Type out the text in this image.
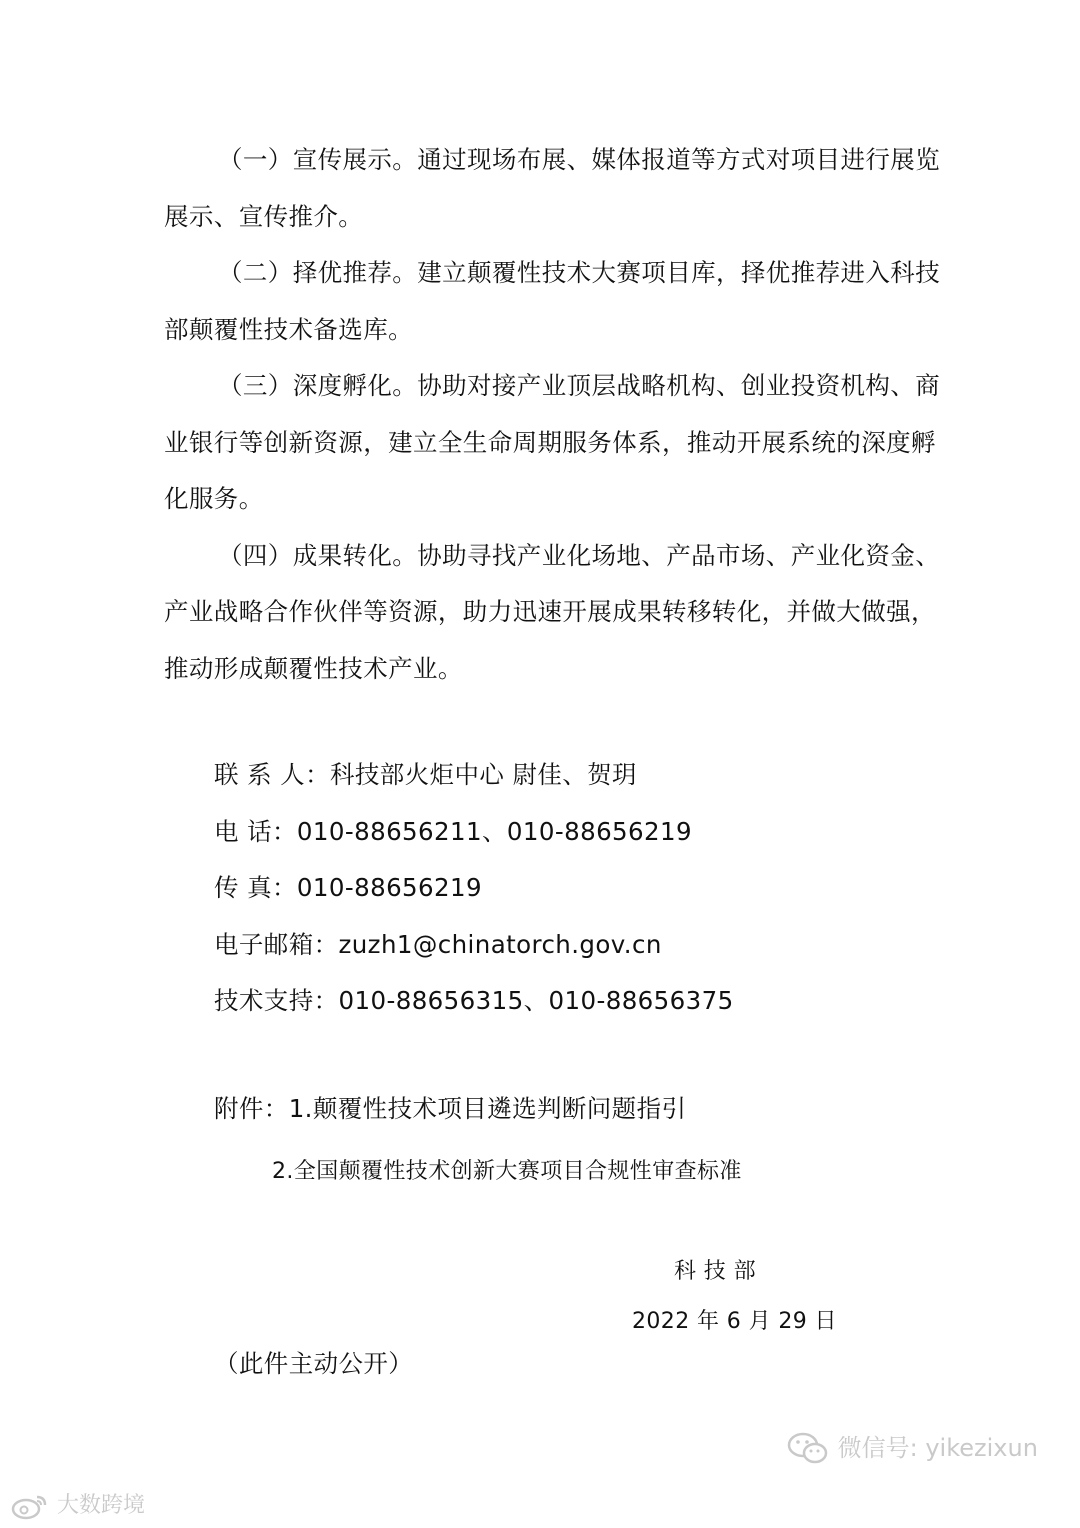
（一）宣传展示。通过现场布展、媒体报道等方式对项目进行展览
展示、宣传推介。
（二）择优推荐。建立颠覆性技术大赛项目库，择优推荐进入科技
部颠覆性技术备选库。
（三）深度孵化。协助对接产业顶层战略机构、创业投资机构、商
业银行等创新资源，建立全生命周期服务体系，推动开展系统的深度孵
化服务。
（四）成果转化。协助寻找产业化场地、产品市场、产业化资金、
产业战略合作伙伴等资源，助力迅速开展成果转移转化，并做大做强，
推动形成颠覆性技术产业。
联 系 人：科技部火炬中心 尉佳、贺玥
电 话：010-88656211、010-88656219
传 真：010-88656219
电子邮箱：zuzh1@chinatorch.gov.cn
技术支持：010-88656315、010-88656375
附件：1.颠覆性技术项目遴选判断问题指引
2.全国颠覆性技术创新大赛项目合规性审查标准
科 技 部
2022 年 6 月 29 日
（此件主动公开）
大数跨境
微信号: yikezixun
